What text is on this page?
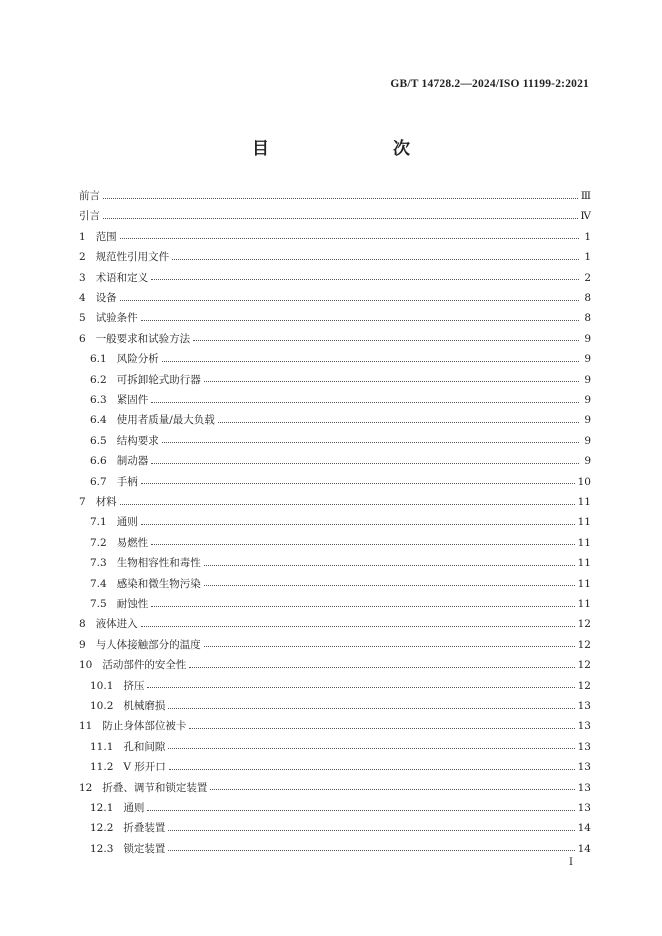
GB/T 14728.2—2024/ISO 11199-2:2021
目　　次
前言	Ⅲ
引言	Ⅳ
1 范围	1
2 规范性引用文件	1
3 术语和定义	2
4 设备	8
5 试验条件	8
6 一般要求和试验方法	9
6.1 风险分析	9
6.2 可拆卸轮式助行器	9
6.3 紧固件	9
6.4 使用者质量/最大负载	9
6.5 结构要求	9
6.6 制动器	9
6.7 手柄	10
7 材料	11
7.1 通则	11
7.2 易燃性	11
7.3 生物相容性和毒性	11
7.4 感染和微生物污染	11
7.5 耐蚀性	11
8 液体进入	12
9 与人体接触部分的温度	12
10 活动部件的安全性	12
10.1 挤压	12
10.2 机械磨损	13
11 防止身体部位被卡	13
11.1 孔和间隙	13
11.2 V 形开口	13
12 折叠、调节和锁定装置	13
12.1 通则	13
12.2 折叠装置	14
12.3 锁定装置	14
I
